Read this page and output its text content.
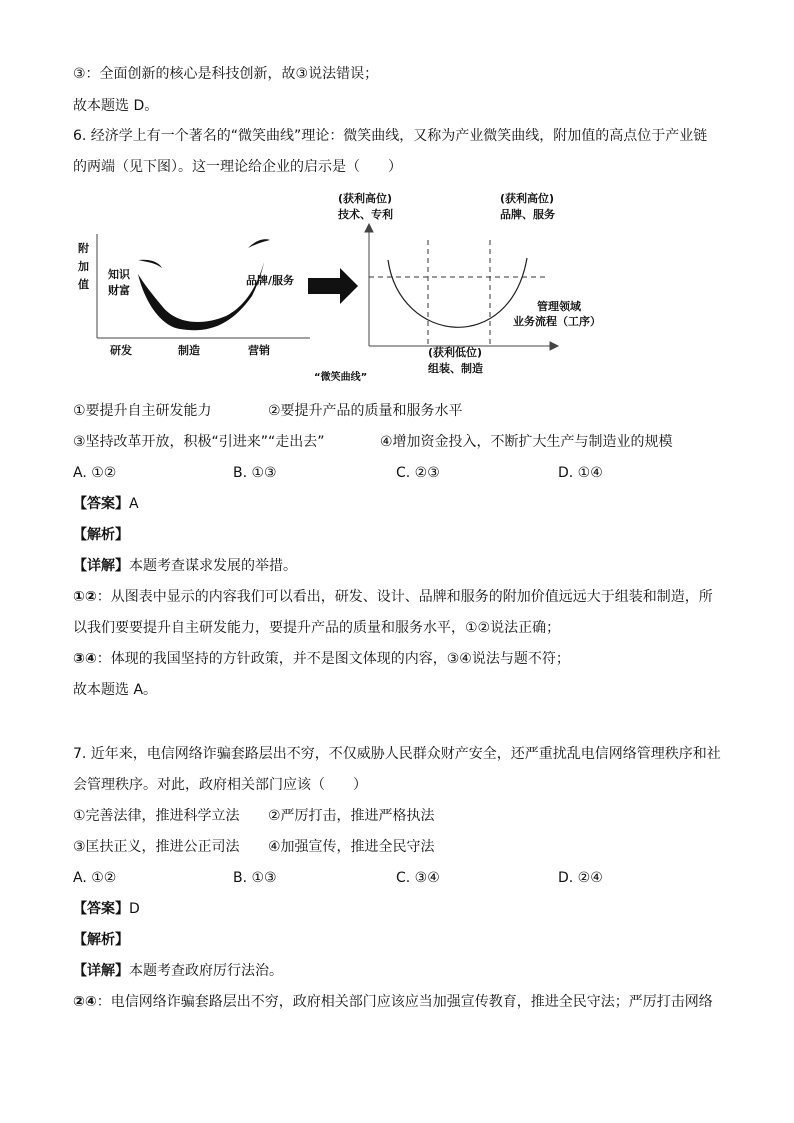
③：全面创新的核心是科技创新，故③说法错误；
故本题选 D。
6. 经济学上有一个著名的“微笑曲线”理论：微笑曲线，又称为产业微笑曲线，附加值的高点位于产业链
的两端（见下图）。这一理论给企业的启示是（　　）
附
加
值
知识
财富
品牌/服务
研发	制造	营销
“微笑曲线”
(获利高位)
技术、专利
(获利高位)
品牌、服务
管理领域
业务流程（工序）
(获利低位)
组装、制造
①要提升自主研发能力	②要提升产品的质量和服务水平
③坚持改革开放，积极“引进来”“走出去”	④增加资金投入，不断扩大生产与制造业的规模
A. ①②	B. ①③	C. ②③	D. ①④
【答案】A
【解析】
【详解】本题考查谋求发展的举措。
①②：从图表中显示的内容我们可以看出，研发、设计、品牌和服务的附加价值远远大于组装和制造，所
以我们要要提升自主研发能力，要提升产品的质量和服务水平，①②说法正确；
③④：体现的我国坚持的方针政策，并不是图文体现的内容，③④说法与题不符；
故本题选 A。
7. 近年来，电信网络诈骗套路层出不穷，不仅威胁人民群众财产安全，还严重扰乱电信网络管理秩序和社
会管理秩序。对此，政府相关部门应该（　　）
①完善法律，推进科学立法 ②严厉打击，推进严格执法
③匡扶正义，推进公正司法 ④加强宣传，推进全民守法
A. ①②	B. ①③	C. ③④	D. ②④
【答案】D
【解析】
【详解】本题考查政府厉行法治。
②④：电信网络诈骗套路层出不穷，政府相关部门应该应当加强宣传教育，推进全民守法；严厉打击网络
